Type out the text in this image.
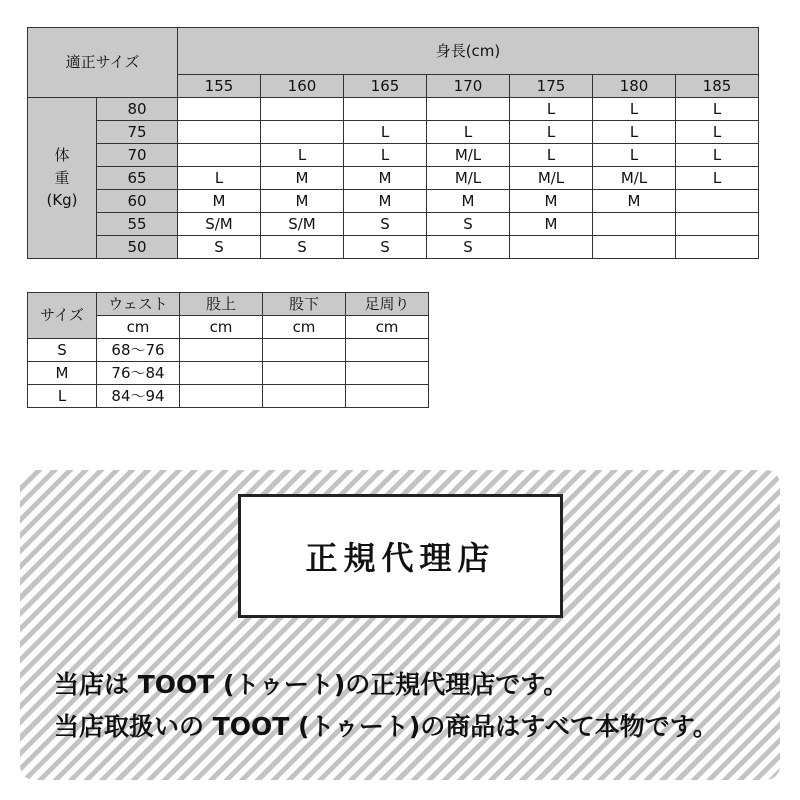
適正サイズ		身長(cm)						
		155	160	165	170	175	180	185

体
重
(Kg)	80					L	L	L
	75			L	L	L	L	L
	70		L	L	M/L	L	L	L
	65	L	M	M	M/L	M/L	M/L	L
	60	M	M	M	M	M	M	
	55	S/M	S/M	S	S	M		
	50	S	S	S	S			
サイズ	ウェスト	股上	股下	足周り
	cm	cm	cm	cm
S	68〜76			
M	76〜84			
L	84〜94			
正規代理店
当店は TOOT (トゥート)の正規代理店です。
当店取扱いの TOOT (トゥート)の商品はすべて本物です。
